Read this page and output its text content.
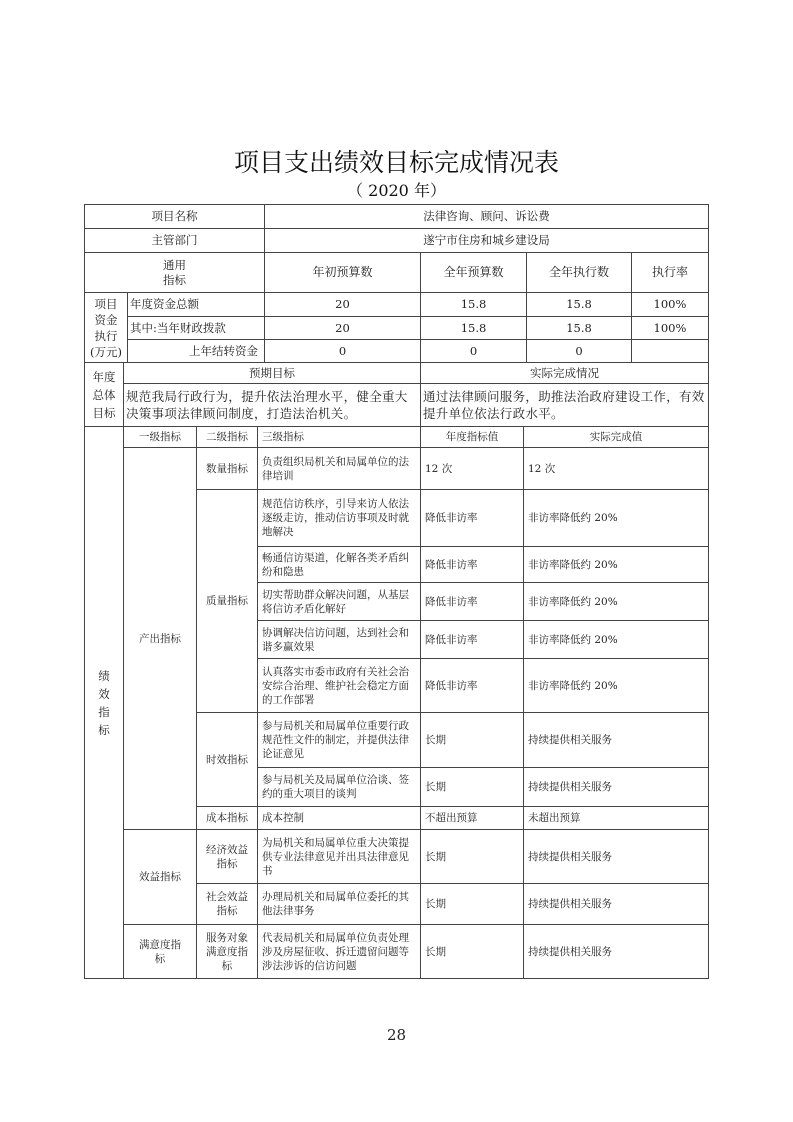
项目支出绩效目标完成情况表
（ 2020 年）
项目名称		法律咨询、顾问、诉讼费			
主管部门		遂宁市住房和城乡建设局			

通用
指标		年初预算数	全年预算数	全年执行数	执行率

项目
资金
执行
(万元)	年度资金总额	20	15.8	15.8	100%
	其中:当年财政拨款	20	15.8	15.8	100%
	上年结转资金	0	0	0	
年度
总体
目标	预期目标	实际完成情况
	规范我局行政行为，提升依法治理水平，健全重大决策事项法律顾问制度，打造法治机关。	通过法律顾问服务，助推法治政府建设工作，有效提升单位依法行政水平。
绩
效
指
标	一级指标	二级指标	三级指标	年度指标值	实际完成值
	产出指标	数量指标	负责组织局机关和局属单位的法律培训	12 次	12 次
		质量指标	规范信访秩序，引导来访人依法逐级走访，推动信访事项及时就地解决	降低非访率	非访率降低约 20%
			畅通信访渠道，化解各类矛盾纠纷和隐患	降低非访率	非访率降低约 20%
			切实帮助群众解决问题，从基层将信访矛盾化解好	降低非访率	非访率降低约 20%
			协调解决信访问题，达到社会和谐多赢效果	降低非访率	非访率降低约 20%
			认真落实市委市政府有关社会治安综合治理、维护社会稳定方面的工作部署	降低非访率	非访率降低约 20%
		时效指标	参与局机关和局属单位重要行政规范性文件的制定，并提供法律论证意见	长期	持续提供相关服务
			参与局机关及局属单位洽谈、签约的重大项目的谈判	长期	持续提供相关服务
		成本指标	成本控制	不超出预算	未超出预算
	效益指标	经济效益指标	为局机关和局属单位重大决策提供专业法律意见并出具法律意见书	长期	持续提供相关服务
		社会效益指标	办理局机关和局属单位委托的其他法律事务	长期	持续提供相关服务
	满意度指标	服务对象满意度指标	代表局机关和局属单位负责处理涉及房屋征收、拆迁遗留问题等涉法涉诉的信访问题	长期	持续提供相关服务
28
